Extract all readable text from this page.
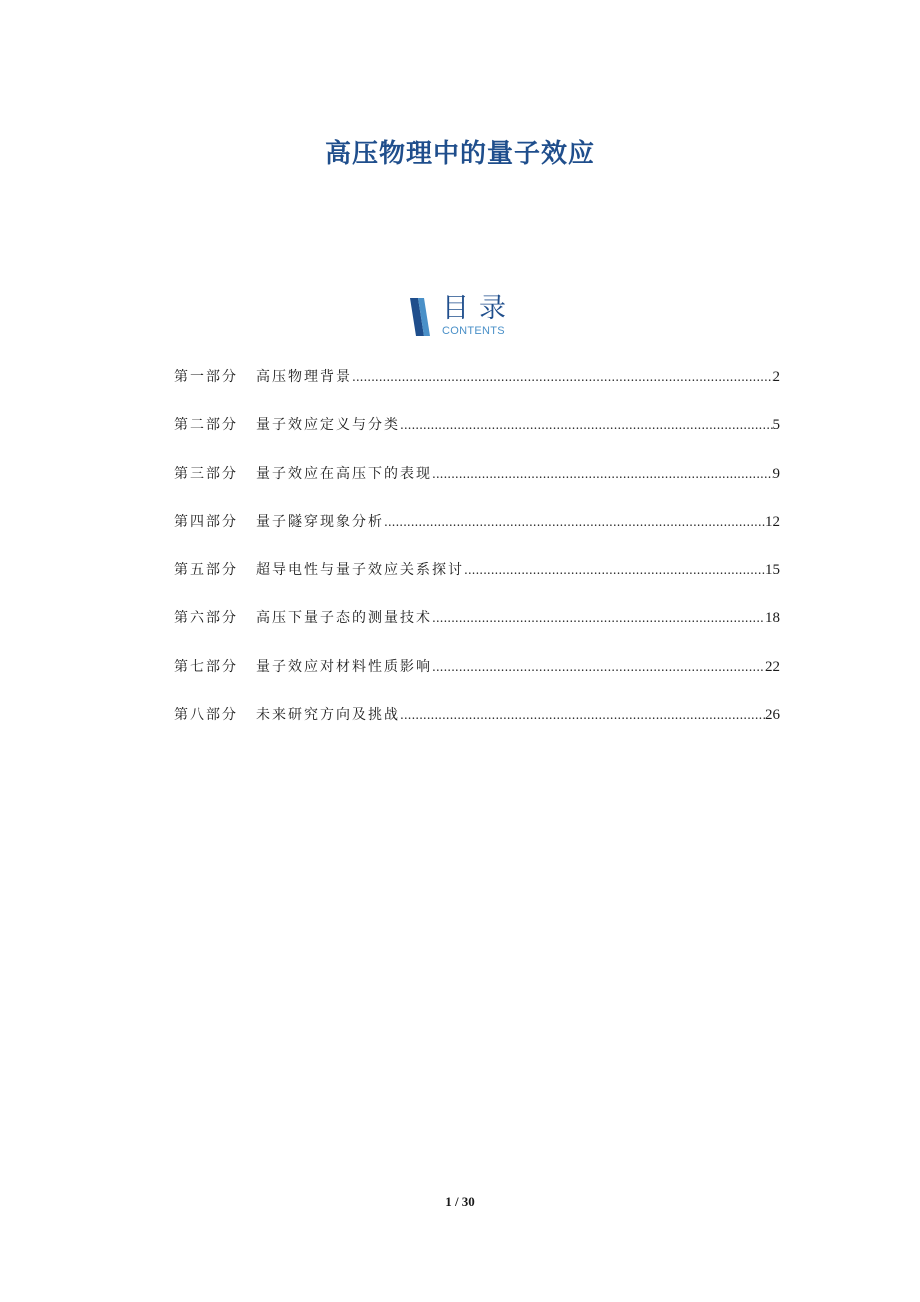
高压物理中的量子效应
目录
CONTENTS
第一部分	高压物理背景 .....	2
第二部分	量子效应定义与分类 .....	5
第三部分	量子效应在高压下的表现 .....	9
第四部分	量子隧穿现象分析 .....	12
第五部分	超导电性与量子效应关系探讨 .....	15
第六部分	高压下量子态的测量技术 .....	18
第七部分	量子效应对材料性质影响 .....	22
第八部分	未来研究方向及挑战 .....	26
1 / 30
